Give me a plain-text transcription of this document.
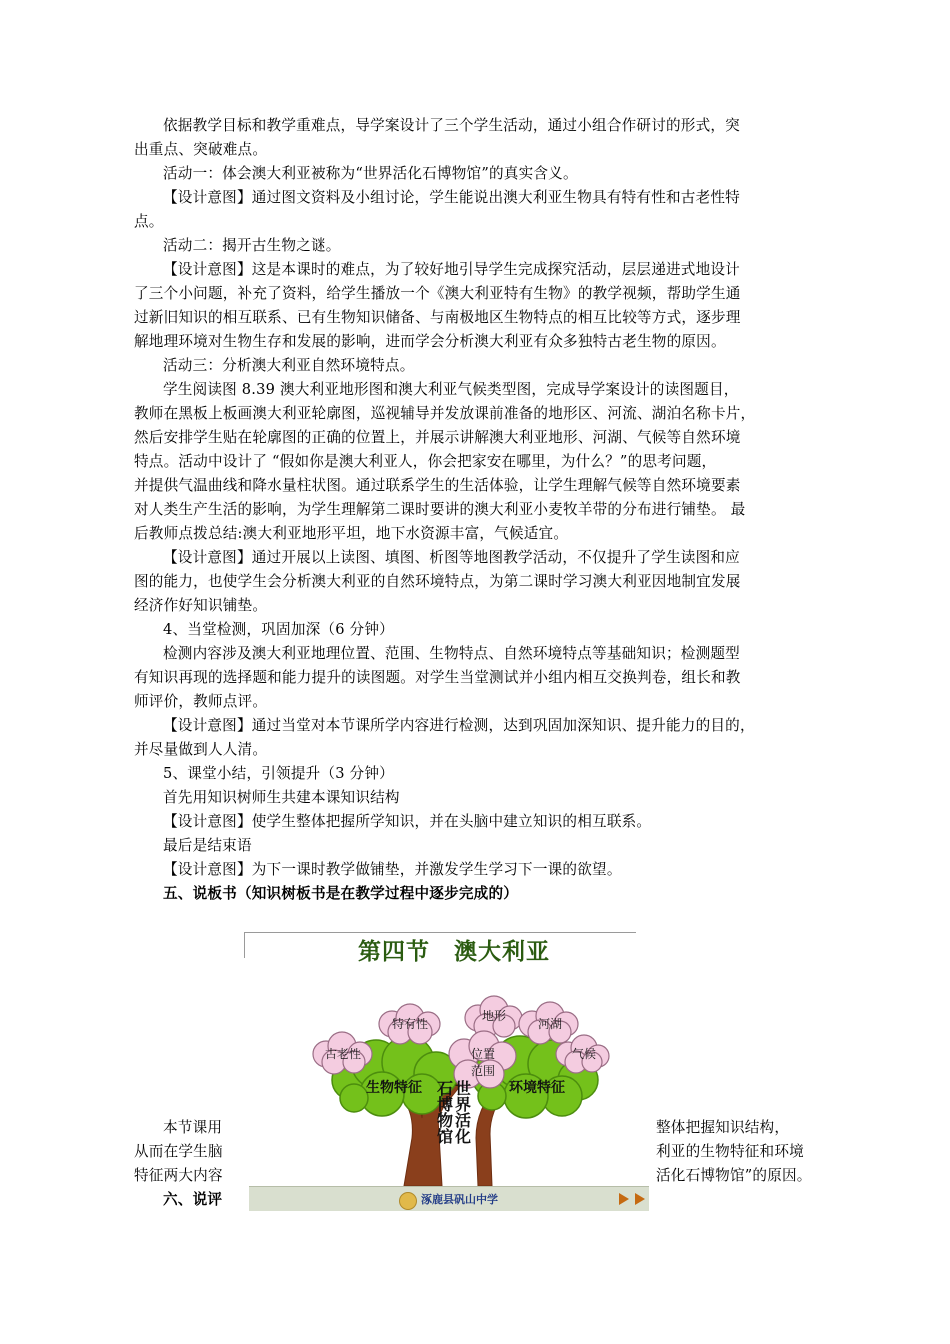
依据教学目标和教学重难点，导学案设计了三个学生活动，通过小组合作研讨的形式，突
出重点、突破难点。
活动一：体会澳大利亚被称为“世界活化石博物馆”的真实含义。
【设计意图】通过图文资料及小组讨论，学生能说出澳大利亚生物具有特有性和古老性特
点。
活动二：揭开古生物之谜。
【设计意图】这是本课时的难点，为了较好地引导学生完成探究活动，层层递进式地设计
了三个小问题，补充了资料，给学生播放一个《澳大利亚特有生物》的教学视频，帮助学生通
过新旧知识的相互联系、已有生物知识储备、与南极地区生物特点的相互比较等方式，逐步理
解地理环境对生物生存和发展的影响，进而学会分析澳大利亚有众多独特古老生物的原因。
活动三：分析澳大利亚自然环境特点。
学生阅读图 8.39 澳大利亚地形图和澳大利亚气候类型图，完成导学案设计的读图题目，
教师在黑板上板画澳大利亚轮廓图，巡视辅导并发放课前准备的地形区、河流、湖泊名称卡片，
然后安排学生贴在轮廓图的正确的位置上，并展示讲解澳大利亚地形、河湖、气候等自然环境
特点。活动中设计了 “假如你是澳大利亚人，你会把家安在哪里，为什么？”的思考问题，
并提供气温曲线和降水量柱状图。通过联系学生的生活体验，让学生理解气候等自然环境要素
对人类生产生活的影响，为学生理解第二课时要讲的澳大利亚小麦牧羊带的分布进行铺垫。 最
后教师点拨总结:澳大利亚地形平坦，地下水资源丰富，气候适宜。
【设计意图】通过开展以上读图、填图、析图等地图教学活动，不仅提升了学生读图和应
图的能力，也使学生会分析澳大利亚的自然环境特点，为第二课时学习澳大利亚因地制宜发展
经济作好知识铺垫。
4、当堂检测，巩固加深（6 分钟）
检测内容涉及澳大利亚地理位置、范围、生物特点、自然环境特点等基础知识；检测题型
有知识再现的选择题和能力提升的读图题。对学生当堂测试并小组内相互交换判卷，组长和教
师评价，教师点评。
【设计意图】通过当堂对本节课所学内容进行检测，达到巩固加深知识、提升能力的目的，
并尽量做到人人清。
5、课堂小结，引领提升（3 分钟）
首先用知识树师生共建本课知识结构
【设计意图】使学生整体把握所学知识，并在头脑中建立知识的相互联系。
最后是结束语
【设计意图】为下一课时教学做铺垫，并激发学生学习下一课的欲望。
五、说板书（知识树板书是在教学过程中逐步完成的）
本节课用	整体把握知识结构，
从而在学生脑	利亚的生物特征和环境
特征两大内容	活化石博物馆”的原因。
六、说评
第四节　澳大利亚
特有性
古老性
地形
河湖
位置
范围
气候
生物特征	环境特征
世界活化
石博物馆
涿鹿县矾山中学
